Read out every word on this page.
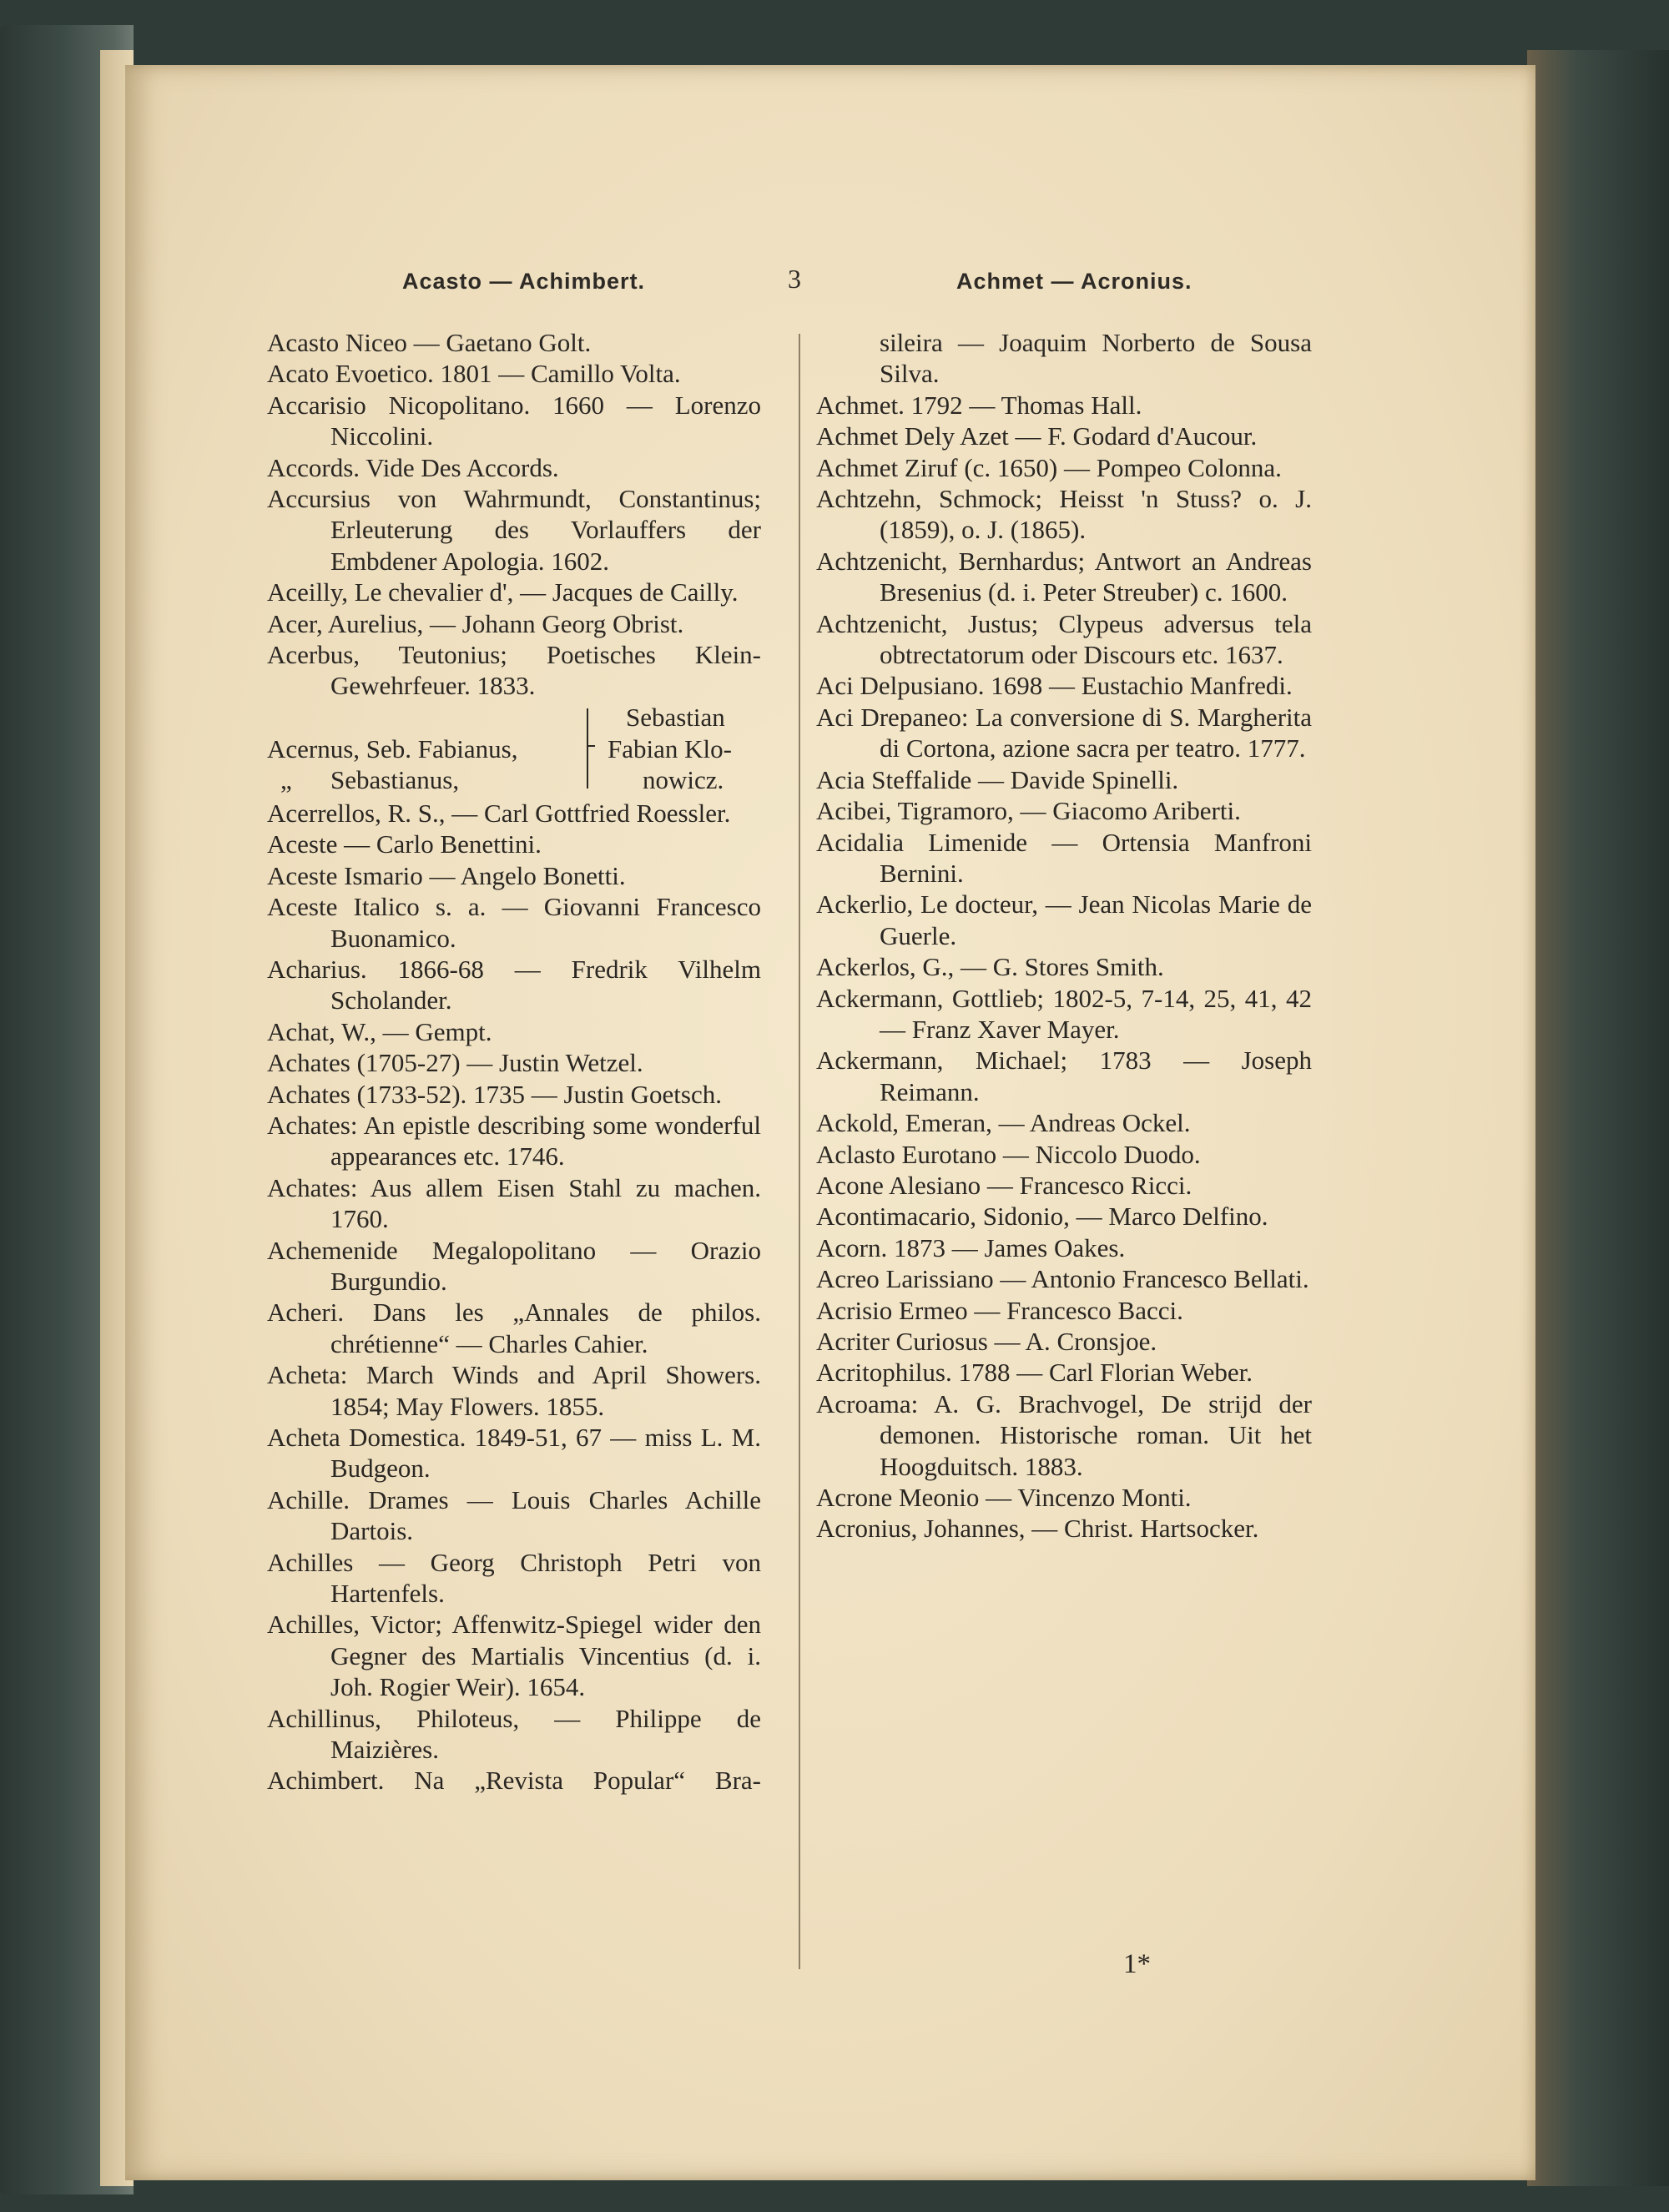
Acasto — Achimbert.	3	Achmet — Acronius.

Acasto Niceo — Gaetano Golt.

Acato Evoetico. 1801 — Camillo Volta.

Accarisio Nicopolitano. 1660 — Lorenzo Niccolini.

Accords. Vide Des Accords.

Accursius von Wahrmundt, Constantinus; Erleuterung des Vorlauffers der Embdener Apologia. 1602.

Aceilly, Le chevalier d', — Jacques de Cailly.

Acer, Aurelius, — Johann Georg Obrist.

Acerbus, Teutonius; Poetisches Klein-Gewehrfeuer. 1833.

Acernus, Seb. Fabianus,
„ Sebastianus,
Sebastian
Fabian Klo-
nowicz.

Acerrellos, R. S., — Carl Gottfried Roessler.

Aceste — Carlo Benettini.

Aceste Ismario — Angelo Bonetti.

Aceste Italico s. a. — Giovanni Francesco Buonamico.

Acharius. 1866-68 — Fredrik Vilhelm Scholander.

Achat, W., — Gempt.

Achates (1705-27) — Justin Wetzel.

Achates (1733-52). 1735 — Justin Goetsch.

Achates: An epistle describing some wonderful appearances etc. 1746.

Achates: Aus allem Eisen Stahl zu machen. 1760.

Achemenide Megalopolitano — Orazio Burgundio.

Acheri. Dans les „Annales de philos. chrétienne“ — Charles Cahier.

Acheta: March Winds and April Showers. 1854; May Flowers. 1855.

Acheta Domestica. 1849-51, 67 — miss L. M. Budgeon.

Achille. Drames — Louis Charles Achille Dartois.

Achilles — Georg Christoph Petri von Hartenfels.

Achilles, Victor; Affenwitz-Spiegel wider den Gegner des Martialis Vincentius (d. i. Joh. Rogier Weir). 1654.

Achillinus, Philoteus, — Philippe de Maizières.

Achimbert. Na „Revista Popular“ Bra-

sileira — Joaquim Norberto de Sousa Silva.

Achmet. 1792 — Thomas Hall.

Achmet Dely Azet — F. Godard d'Aucour.

Achmet Ziruf (c. 1650) — Pompeo Colonna.

Achtzehn, Schmock; Heisst 'n Stuss? o. J. (1859), o. J. (1865).

Achtzenicht, Bernhardus; Antwort an Andreas Bresenius (d. i. Peter Streuber) c. 1600.

Achtzenicht, Justus; Clypeus adversus tela obtrectatorum oder Discours etc. 1637.

Aci Delpusiano. 1698 — Eustachio Manfredi.

Aci Drepaneo: La conversione di S. Margherita di Cortona, azione sacra per teatro. 1777.

Acia Steffalide — Davide Spinelli.

Acibei, Tigramoro, — Giacomo Ariberti.

Acidalia Limenide — Ortensia Manfroni Bernini.

Ackerlio, Le docteur, — Jean Nicolas Marie de Guerle.

Ackerlos, G., — G. Stores Smith.

Ackermann, Gottlieb; 1802-5, 7-14, 25, 41, 42 — Franz Xaver Mayer.

Ackermann, Michael; 1783 — Joseph Reimann.

Ackold, Emeran, — Andreas Ockel.

Aclasto Eurotano — Niccolo Duodo.

Acone Alesiano — Francesco Ricci.

Acontimacario, Sidonio, — Marco Delfino.

Acorn. 1873 — James Oakes.

Acreo Larissiano — Antonio Francesco Bellati.

Acrisio Ermeo — Francesco Bacci.

Acriter Curiosus — A. Cronsjoe.

Acritophilus. 1788 — Carl Florian Weber.

Acroama: A. G. Brachvogel, De strijd der demonen. Historische roman. Uit het Hoogduitsch. 1883.

Acrone Meonio — Vincenzo Monti.

Acronius, Johannes, — Christ. Hartsocker.

1*
